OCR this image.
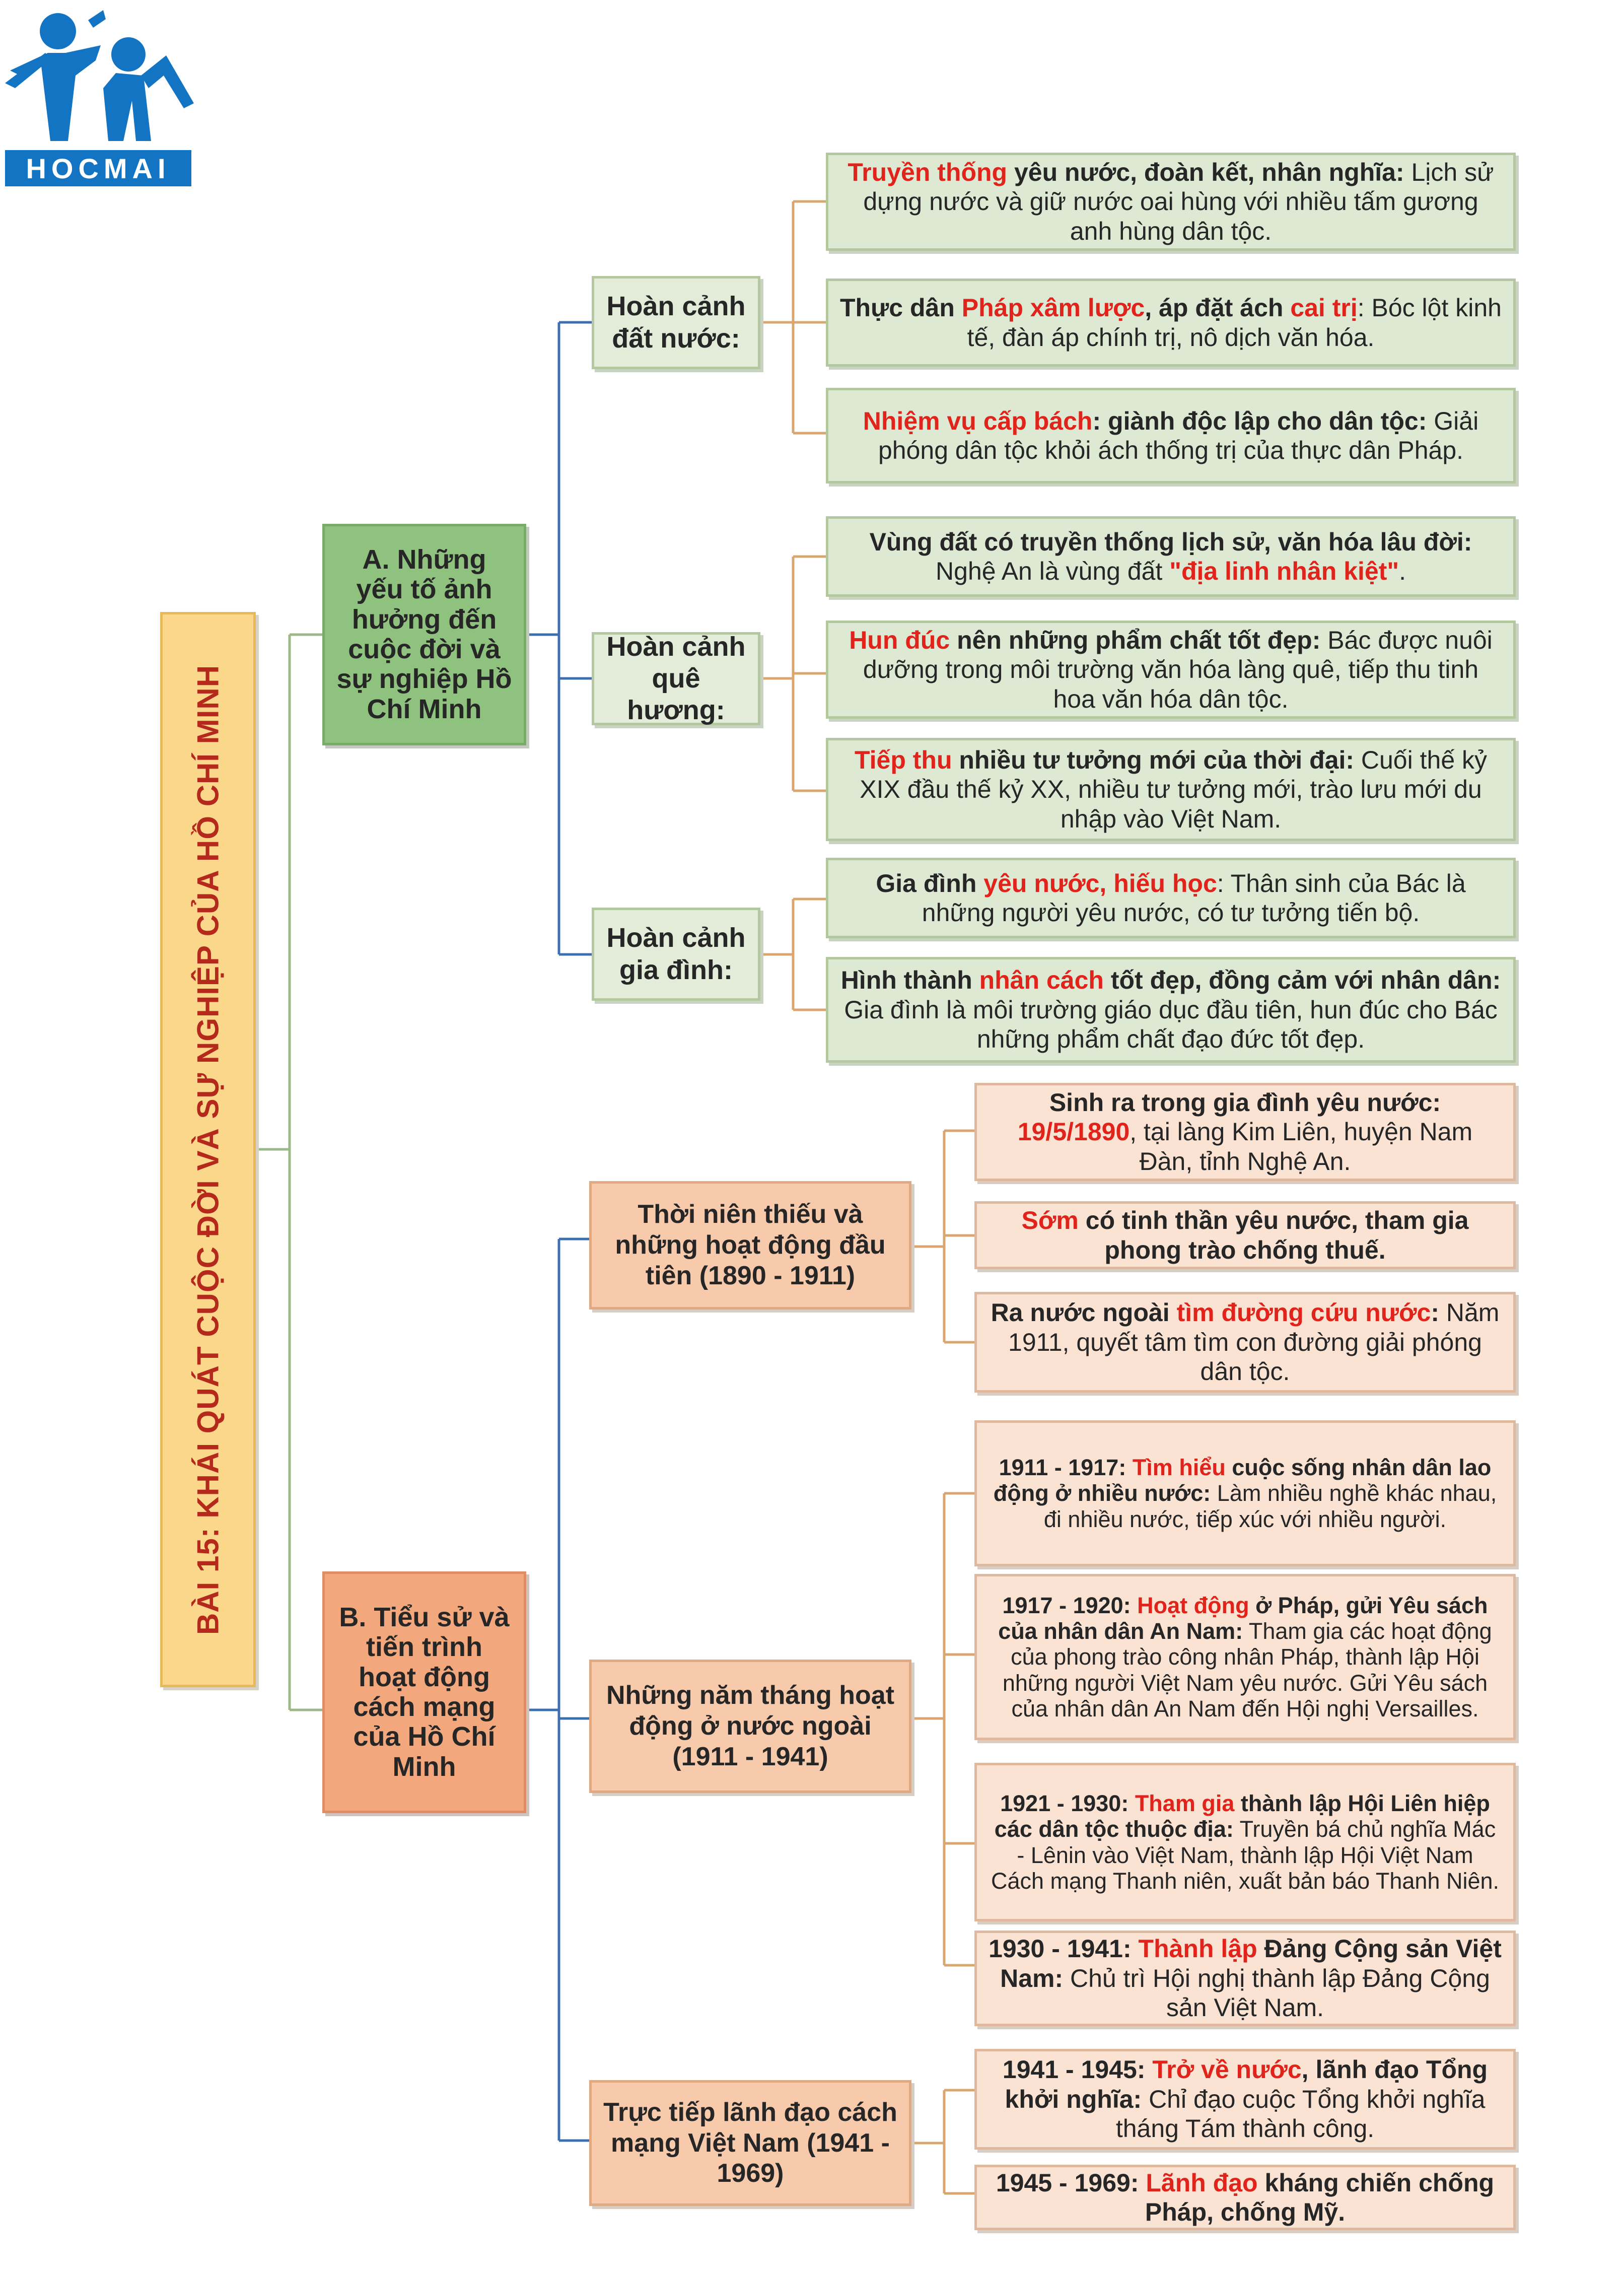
HOCMAI
BÀI 15: KHÁI QUÁT CUỘC ĐỜI VÀ SỰ NGHIỆP CỦA HỒ CHÍ MINH
A. Những yếu tố ảnh hưởng đến cuộc đời và sự nghiệp Hồ Chí Minh
Hoàn cảnh đất nước:
Hoàn cảnh quê hương:
Hoàn cảnh gia đình:
Truyền thống yêu nước, đoàn kết, nhân nghĩa: Lịch sử dựng nước và giữ nước oai hùng với nhiều tấm gương anh hùng dân tộc.
Thực dân Pháp xâm lược, áp đặt ách cai trị: Bóc lột kinh tế, đàn áp chính trị, nô dịch văn hóa.
Nhiệm vụ cấp bách: giành độc lập cho dân tộc: Giải phóng dân tộc khỏi ách thống trị của thực dân Pháp.
Vùng đất có truyền thống lịch sử, văn hóa lâu đời: Nghệ An là vùng đất "địa linh nhân kiệt".
Hun đúc nên những phẩm chất tốt đẹp: Bác được nuôi dưỡng trong môi trường văn hóa làng quê, tiếp thu tinh hoa văn hóa dân tộc.
Tiếp thu nhiều tư tưởng mới của thời đại: Cuối thế kỷ XIX đầu thế kỷ XX, nhiều tư tưởng mới, trào lưu mới du nhập vào Việt Nam.
Gia đình yêu nước, hiếu học: Thân sinh của Bác là những người yêu nước, có tư tưởng tiến bộ.
Hình thành nhân cách tốt đẹp, đồng cảm với nhân dân: Gia đình là môi trường giáo dục đầu tiên, hun đúc cho Bác những phẩm chất đạo đức tốt đẹp.
B. Tiểu sử và tiến trình hoạt động cách mạng của Hồ Chí Minh
Thời niên thiếu và những hoạt động đầu tiên (1890 - 1911)
Những năm tháng hoạt động ở nước ngoài (1911 - 1941)
Trực tiếp lãnh đạo cách mạng Việt Nam (1941 - 1969)
Sinh ra trong gia đình yêu nước:
19/5/1890, tại làng Kim Liên, huyện Nam Đàn, tỉnh Nghệ An.
Sớm có tinh thần yêu nước, tham gia phong trào chống thuế.
Ra nước ngoài tìm đường cứu nước: Năm 1911, quyết tâm tìm con đường giải phóng dân tộc.
1911 - 1917: Tìm hiểu cuộc sống nhân dân lao động ở nhiều nước: Làm nhiều nghề khác nhau, đi nhiều nước, tiếp xúc với nhiều người.
1917 - 1920: Hoạt động ở Pháp, gửi Yêu sách của nhân dân An Nam: Tham gia các hoạt động của phong trào công nhân Pháp, thành lập Hội những người Việt Nam yêu nước. Gửi Yêu sách của nhân dân An Nam đến Hội nghị Versailles.
1921 - 1930: Tham gia thành lập Hội Liên hiệp các dân tộc thuộc địa: Truyền bá chủ nghĩa Mác - Lênin vào Việt Nam, thành lập Hội Việt Nam Cách mạng Thanh niên, xuất bản báo Thanh Niên.
1930 - 1941: Thành lập Đảng Cộng sản Việt Nam: Chủ trì Hội nghị thành lập Đảng Cộng sản Việt Nam.
1941 - 1945: Trở về nước, lãnh đạo Tổng khởi nghĩa: Chỉ đạo cuộc Tổng khởi nghĩa tháng Tám thành công.
1945 - 1969: Lãnh đạo kháng chiến chống Pháp, chống Mỹ.
